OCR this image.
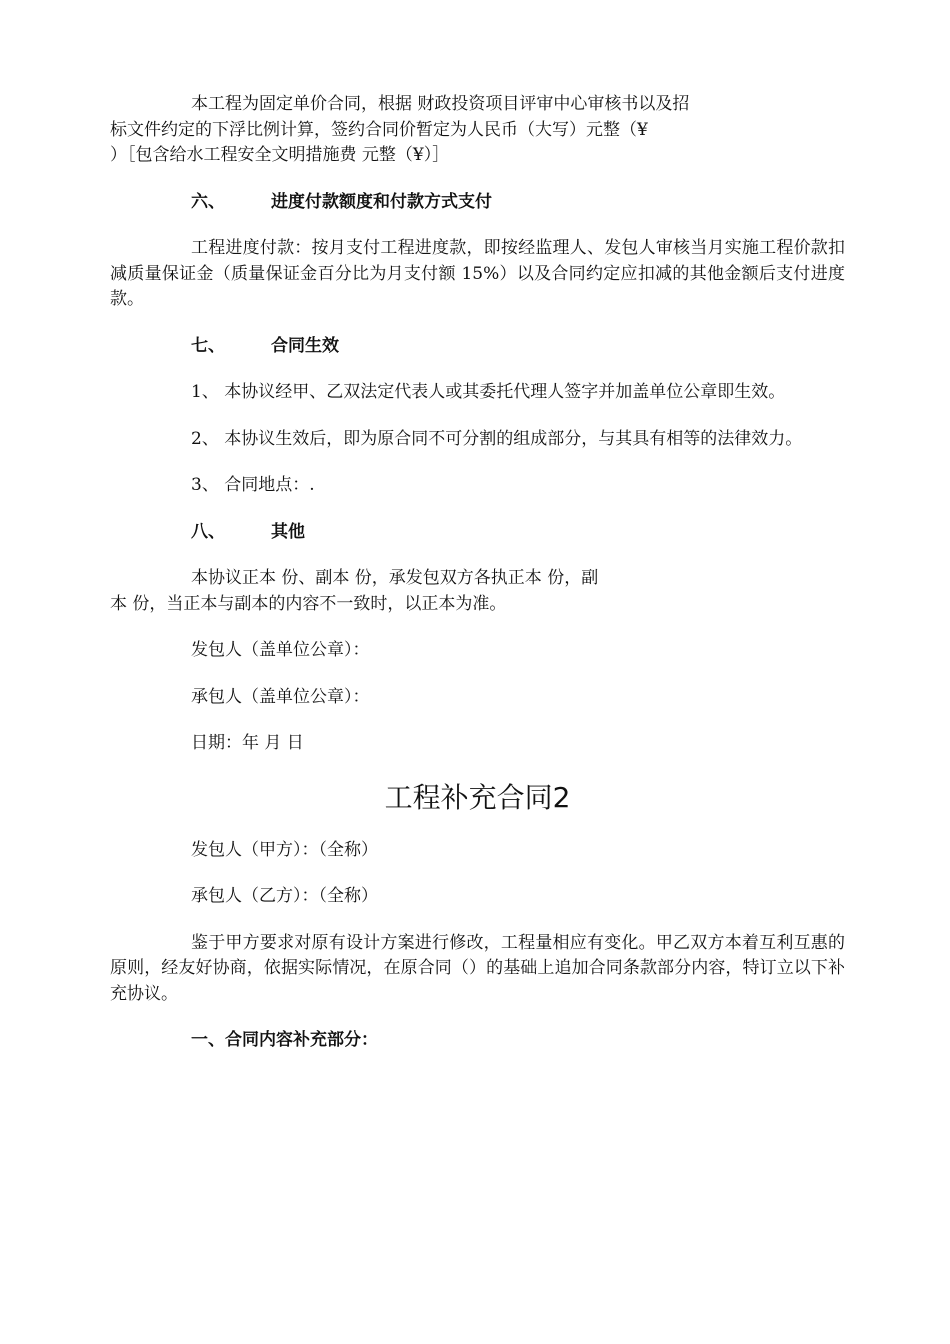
本工程为固定单价合同，根据 财政投资项目评审中心审核书以及招
标文件约定的下浮比例计算，签约合同价暂定为人民币（大写）元整（¥
）［包含给水工程安全文明措施费 元整（¥）］

六、	进度付款额度和付款方式支付

工程进度付款：按月支付工程进度款，即按经监理人、发包人审核当月实施工程价款扣减质量保证金（质量保证金百分比为月支付额 15%）以及合同约定应扣减的其他金额后支付进度款。

七、	合同生效

1、 本协议经甲、乙双法定代表人或其委托代理人签字并加盖单位公章即生效。

2、 本协议生效后，即为原合同不可分割的组成部分，与其具有相等的法律效力。

3、 合同地点：.

八、	其他

本协议正本 份、副本 份，承发包双方各执正本 份，副
本 份，当正本与副本的内容不一致时，以正本为准。

发包人（盖单位公章）：
承包人（盖单位公章）：
日期：年 月 日
工程补充合同2
发包人（甲方）：（全称）
承包人（乙方）：（全称）

鉴于甲方要求对原有设计方案进行修改，工程量相应有变化。甲乙双方本着互利互惠的原则，经友好协商，依据实际情况，在原合同（）的基础上追加合同条款部分内容，特订立以下补充协议。

一、合同内容补充部分：
